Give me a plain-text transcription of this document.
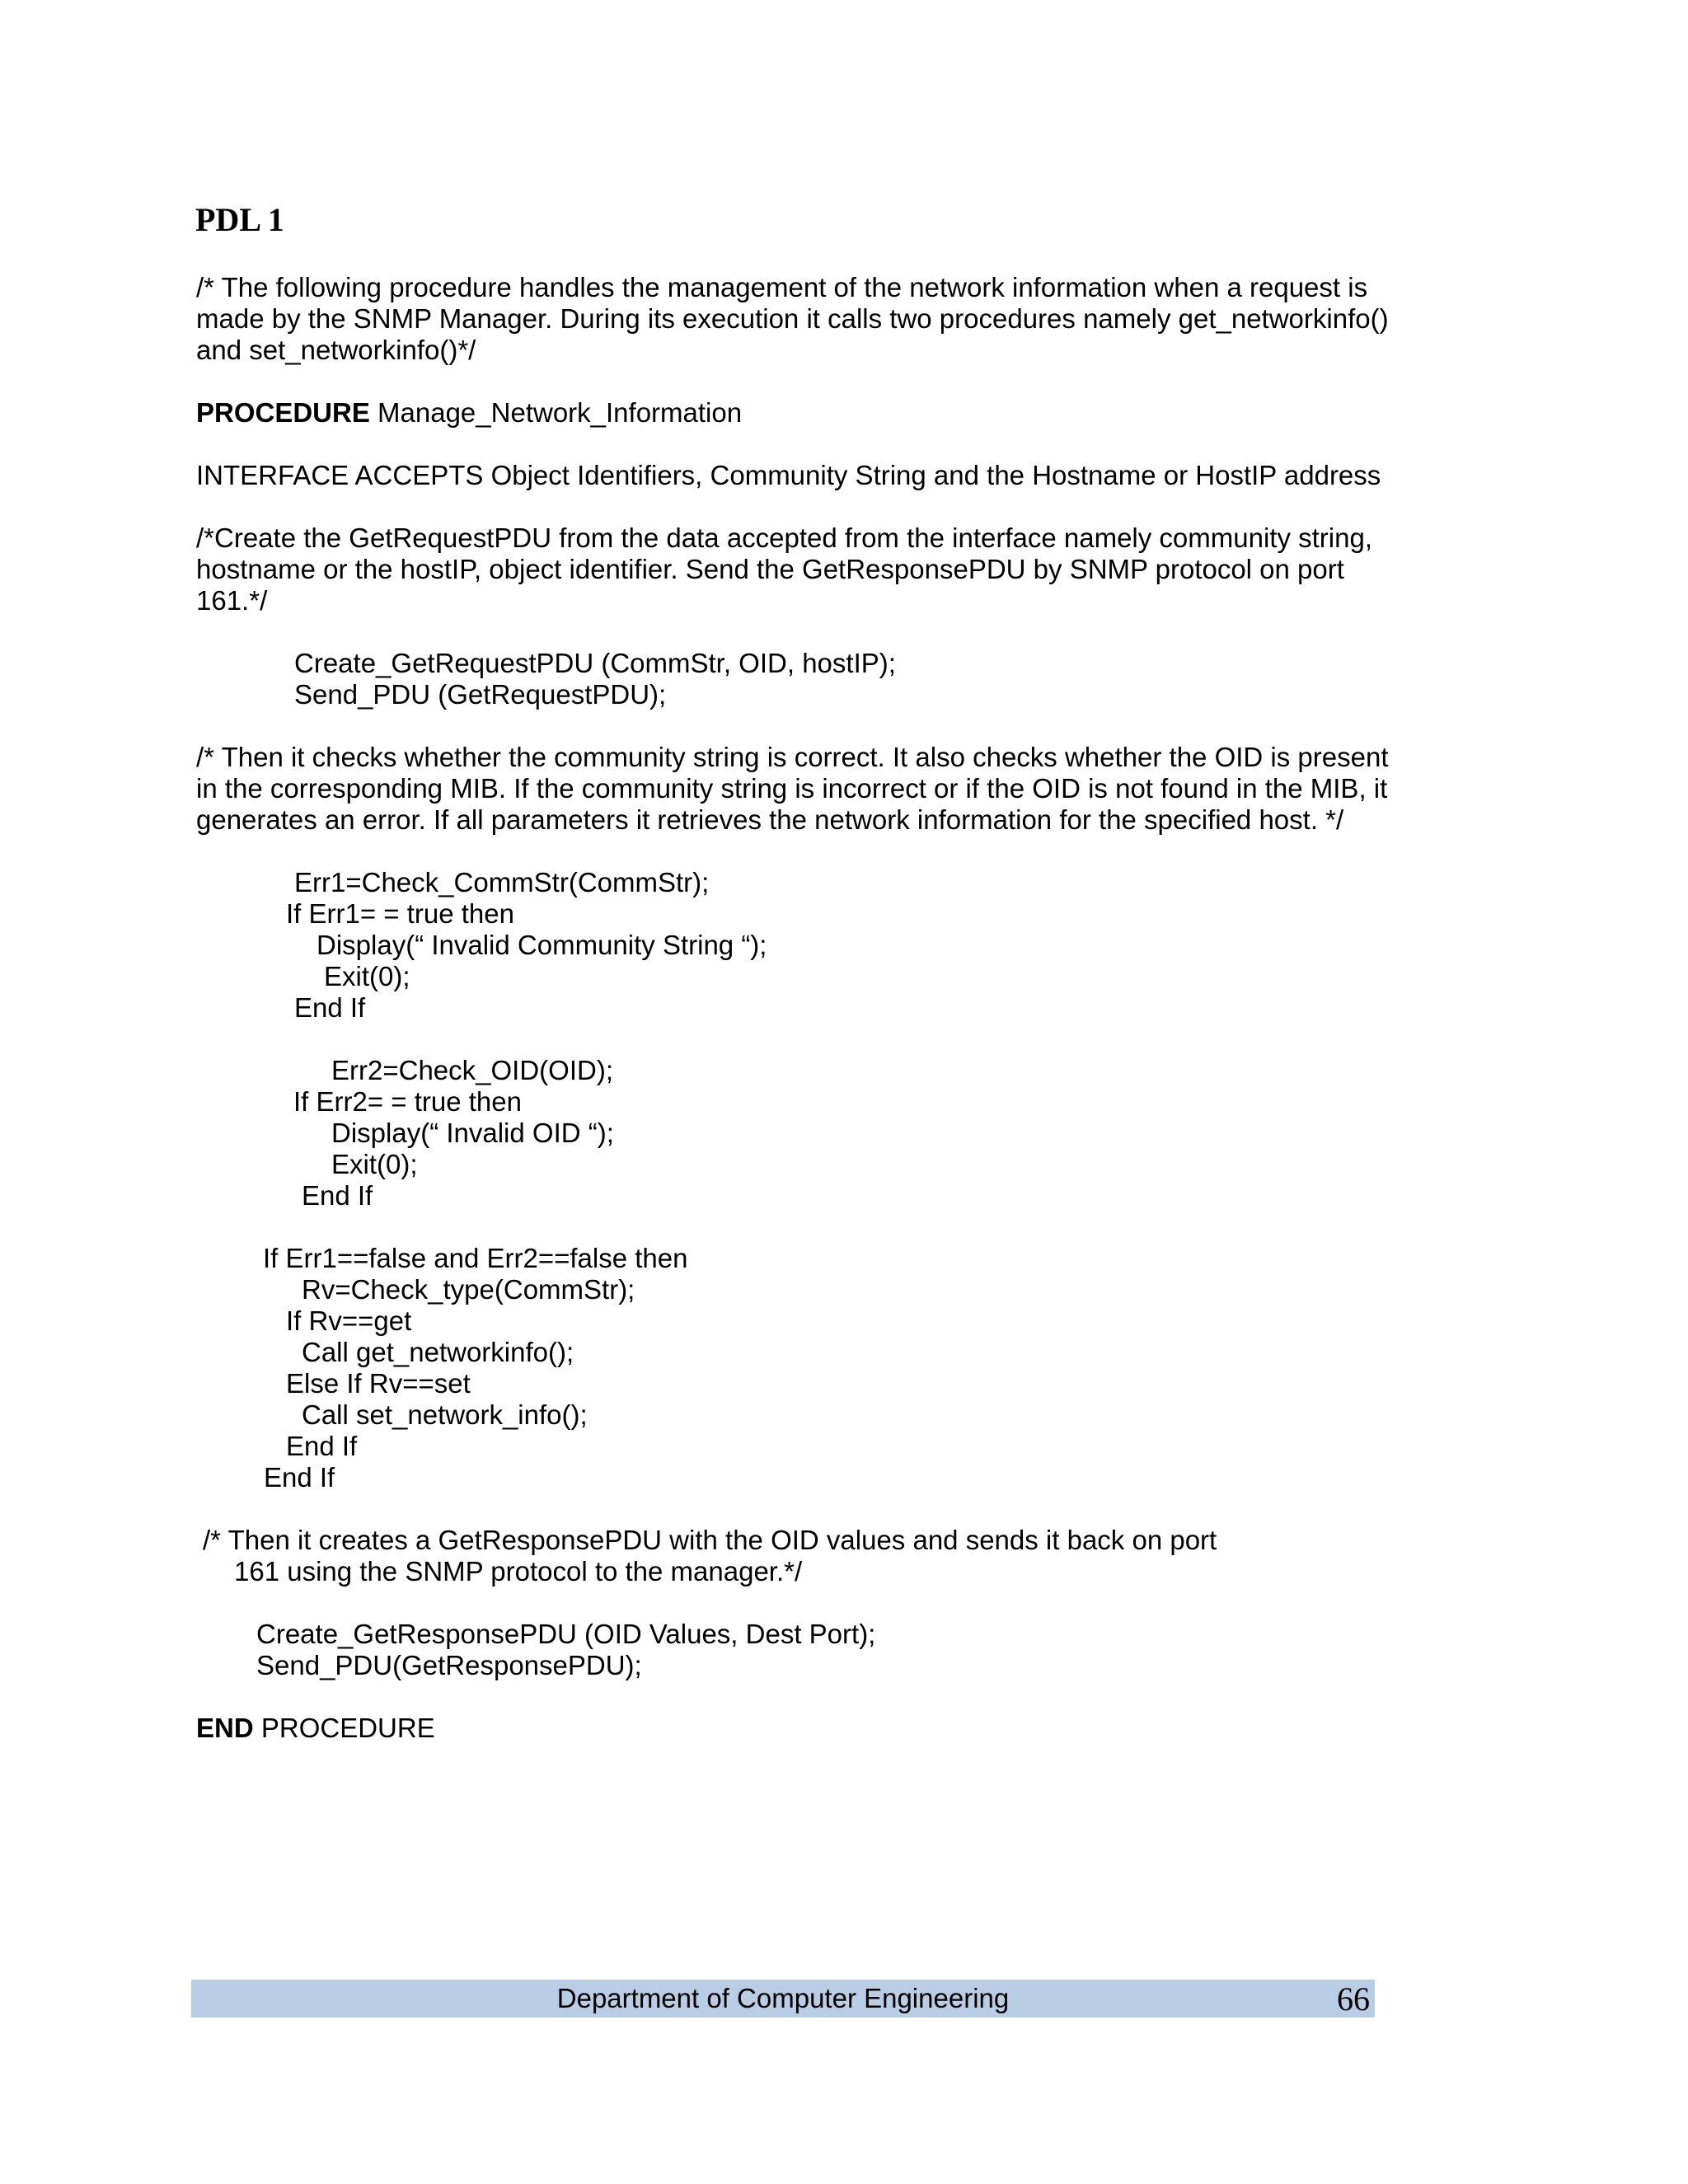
PDL 1
/* The following procedure handles the management of the network information when a request is
made by the SNMP Manager. During its execution it calls two procedures namely get_networkinfo()
and set_networkinfo()*/
PROCEDURE Manage_Network_Information
INTERFACE ACCEPTS Object Identifiers, Community String and the Hostname or HostIP address
/*Create the GetRequestPDU from the data accepted from the interface namely community string,
hostname or the hostIP, object identifier. Send the GetResponsePDU by SNMP protocol on port
161.*/
Create_GetRequestPDU (CommStr, OID, hostIP);
Send_PDU (GetRequestPDU);
/* Then it checks whether the community string is correct. It also checks whether the OID is present
in the corresponding MIB. If the community string is incorrect or if the OID is not found in the MIB, it
generates an error. If all parameters it retrieves the network information for the specified host. */
Err1=Check_CommStr(CommStr);
If Err1= = true then
Display(“ Invalid Community String “);
Exit(0);
End If
Err2=Check_OID(OID);
If Err2= = true then
Display(“ Invalid OID “);
Exit(0);
End If
If Err1==false and Err2==false then
Rv=Check_type(CommStr);
If Rv==get
Call get_networkinfo();
Else If Rv==set
Call set_network_info();
End If
End If
/* Then it creates a GetResponsePDU with the OID values and sends it back on port
161 using the SNMP protocol to the manager.*/
Create_GetResponsePDU (OID Values, Dest Port);
Send_PDU(GetResponsePDU);
END PROCEDURE
Department of Computer Engineering	66
